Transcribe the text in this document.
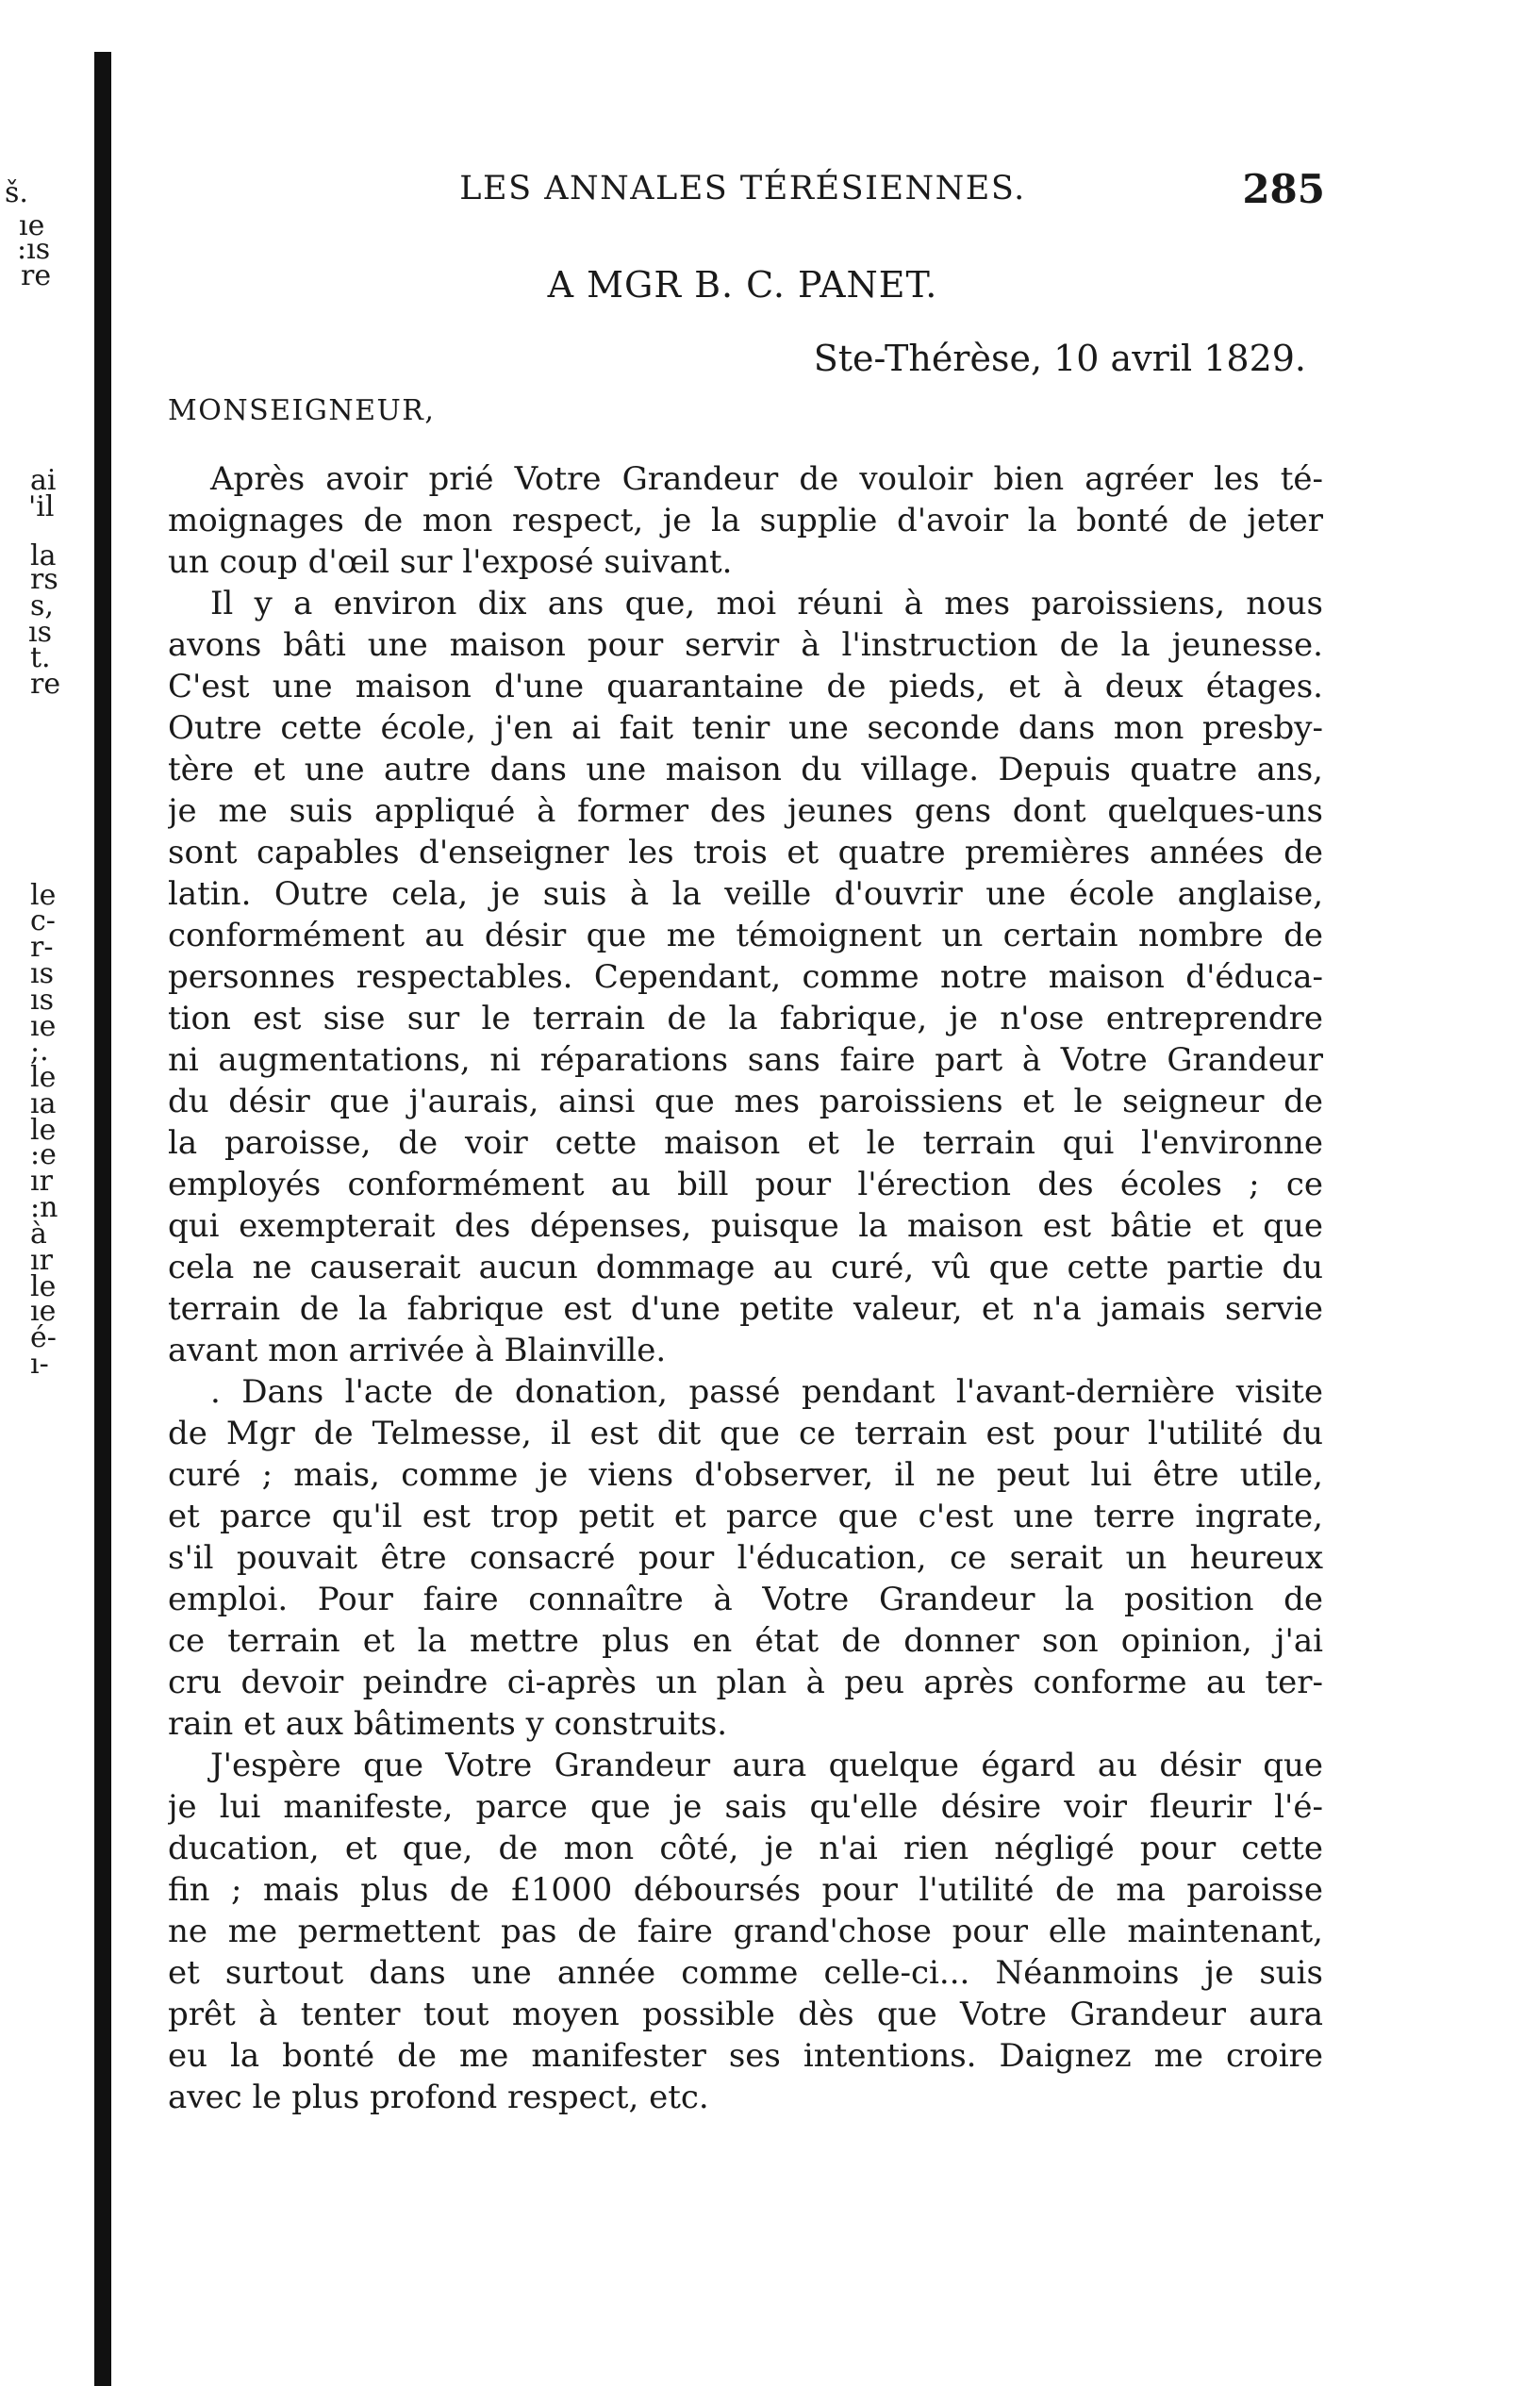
š.
ıe
:ıs
re
ai
'il
la
rs
s,
ıs
t.
re
le
c-
r-
ıs
ıs
ıe
;.
le
ıa
le
:e
ır
:n
à
ır
le
ıe
é-
ı-
LES ANNALES TÉRÉSIENNES.	285
A MGR B. C. PANET.
Ste-Thérèse, 10 avril 1829.
MONSEIGNEUR,
Après avoir prié Votre Grandeur de vouloir bien agréer les té-
moignages de mon respect, je la supplie d'avoir la bonté de jeter
un coup d'œil sur l'exposé suivant.
Il y a environ dix ans que, moi réuni à mes paroissiens, nous
avons bâti une maison pour servir à l'instruction de la jeunesse.
C'est une maison d'une quarantaine de pieds, et à deux étages.
Outre cette école, j'en ai fait tenir une seconde dans mon presby-
tère et une autre dans une maison du village. Depuis quatre ans,
je me suis appliqué à former des jeunes gens dont quelques-uns
sont capables d'enseigner les trois et quatre premières années de
latin. Outre cela, je suis à la veille d'ouvrir une école anglaise,
conformément au désir que me témoignent un certain nombre de
personnes respectables. Cependant, comme notre maison d'éduca-
tion est sise sur le terrain de la fabrique, je n'ose entreprendre
ni augmentations, ni réparations sans faire part à Votre Grandeur
du désir que j'aurais, ainsi que mes paroissiens et le seigneur de
la paroisse, de voir cette maison et le terrain qui l'environne
employés conformément au bill pour l'érection des écoles ; ce
qui exempterait des dépenses, puisque la maison est bâtie et que
cela ne causerait aucun dommage au curé, vû que cette partie du
terrain de la fabrique est d'une petite valeur, et n'a jamais servie
avant mon arrivée à Blainville.
. Dans l'acte de donation, passé pendant l'avant-dernière visite
de Mgr de Telmesse, il est dit que ce terrain est pour l'utilité du
curé ; mais, comme je viens d'observer, il ne peut lui être utile,
et parce qu'il est trop petit et parce que c'est une terre ingrate,
s'il pouvait être consacré pour l'éducation, ce serait un heureux
emploi. Pour faire connaître à Votre Grandeur la position de
ce terrain et la mettre plus en état de donner son opinion, j'ai
cru devoir peindre ci-après un plan à peu après conforme au ter-
rain et aux bâtiments y construits.
J'espère que Votre Grandeur aura quelque égard au désir que
je lui manifeste, parce que je sais qu'elle désire voir fleurir l'é-
ducation, et que, de mon côté, je n'ai rien négligé pour cette
fin ; mais plus de £1000 déboursés pour l'utilité de ma paroisse
ne me permettent pas de faire grand'chose pour elle maintenant,
et surtout dans une année comme celle-ci... Néanmoins je suis
prêt à tenter tout moyen possible dès que Votre Grandeur aura
eu la bonté de me manifester ses intentions. Daignez me croire
avec le plus profond respect, etc.
